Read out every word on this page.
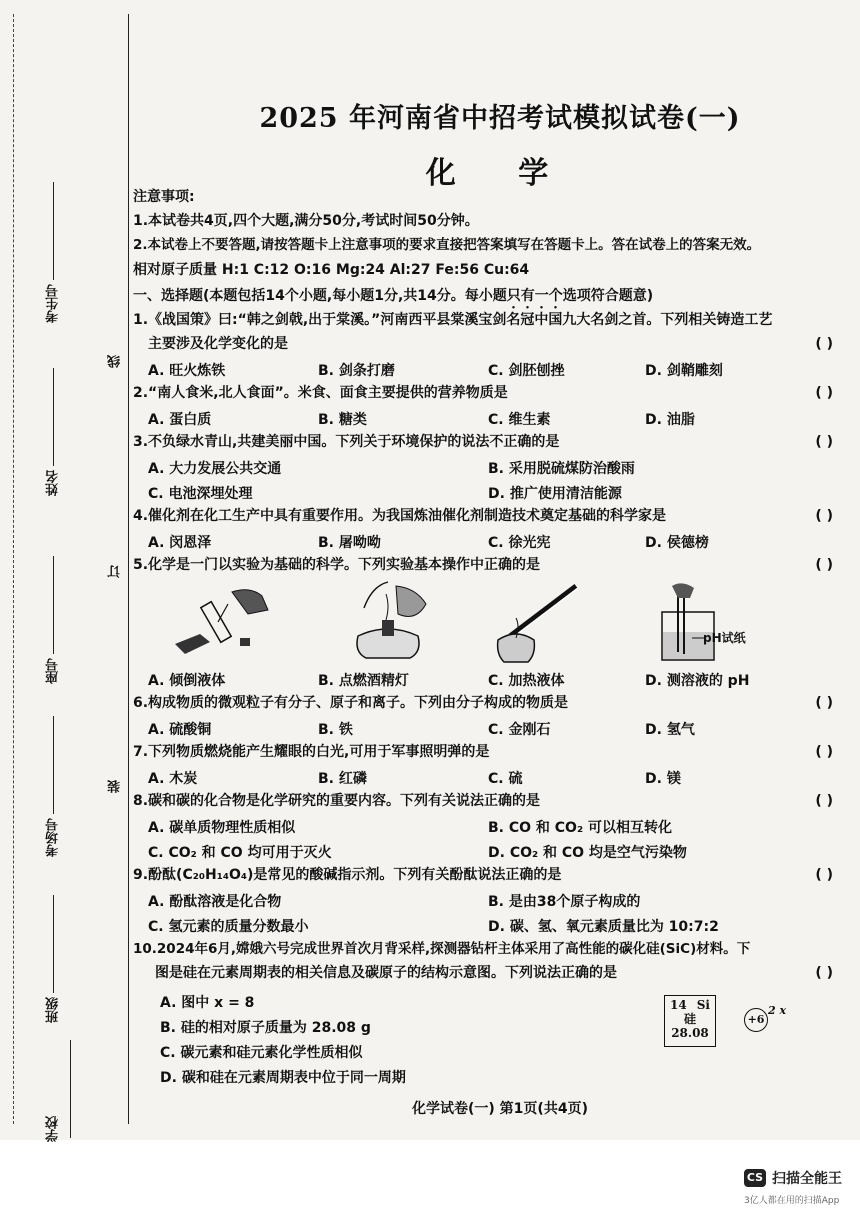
考生号
姓名
座号
考场号
班级
学校
线
订
装
2025 年河南省中招考试模拟试卷(一)
化 学
注意事项:
1.本试卷共4页,四个大题,满分50分,考试时间50分钟。
2.本试卷上不要答题,请按答题卡上注意事项的要求直接把答案填写在答题卡上。答在试卷上的答案无效。
相对原子质量 H:1 C:12 O:16 Mg:24 Al:27 Fe:56 Cu:64
一、选择题(本题包括14个小题,每小题1分,共14分。每小题只有一个选项符合题意)
1.《战国策》曰:“韩之剑戟,出于棠溪。”河南西平县棠溪宝剑名冠中国九大名剑之首。下列相关铸造工艺
主要涉及化学变化的是	( )
A. 旺火炼铁	B. 剑条打磨	C. 剑胚刨挫	D. 剑鞘雕刻
2.“南人食米,北人食面”。米食、面食主要提供的营养物质是	( )
A. 蛋白质	B. 糖类	C. 维生素	D. 油脂
3.不负绿水青山,共建美丽中国。下列关于环境保护的说法不正确的是	( )
A. 大力发展公共交通	B. 采用脱硫煤防治酸雨
C. 电池深埋处理	D. 推广使用清洁能源
4.催化剂在化工生产中具有重要作用。为我国炼油催化剂制造技术奠定基础的科学家是	( )
A. 闵恩泽	B. 屠呦呦	C. 徐光宪	D. 侯德榜
5.化学是一门以实验为基础的科学。下列实验基本操作中正确的是	( )
pH试纸
A. 倾倒液体	B. 点燃酒精灯	C. 加热液体	D. 测溶液的 pH
6.构成物质的微观粒子有分子、原子和离子。下列由分子构成的物质是	( )
A. 硫酸铜	B. 铁	C. 金刚石	D. 氢气
7.下列物质燃烧能产生耀眼的白光,可用于军事照明弹的是	( )
A. 木炭	B. 红磷	C. 硫	D. 镁
8.碳和碳的化合物是化学研究的重要内容。下列有关说法正确的是	( )
A. 碳单质物理性质相似	B. CO 和 CO₂ 可以相互转化
C. CO₂ 和 CO 均可用于灭火	D. CO₂ 和 CO 均是空气污染物
9.酚酞(C₂₀H₁₄O₄)是常见的酸碱指示剂。下列有关酚酞说法正确的是	( )
A. 酚酞溶液是化合物	B. 是由38个原子构成的
C. 氢元素的质量分数最小	D. 碳、氢、氧元素质量比为 10:7:2
10.2024年6月,嫦娥六号完成世界首次月背采样,探测器钻杆主体采用了高性能的碳化硅(SiC)材料。下
图是硅在元素周期表的相关信息及碳原子的结构示意图。下列说法正确的是	( )
A. 图中 x = 8
B. 硅的相对原子质量为 28.08 g
C. 碳元素和硅元素化学性质相似
D. 碳和硅在元素周期表中位于同一周期
14 Si
硅
28.08
+6
2 x
化学试卷(一) 第1页(共4页)
CS 扫描全能王
3亿人都在用的扫描App
